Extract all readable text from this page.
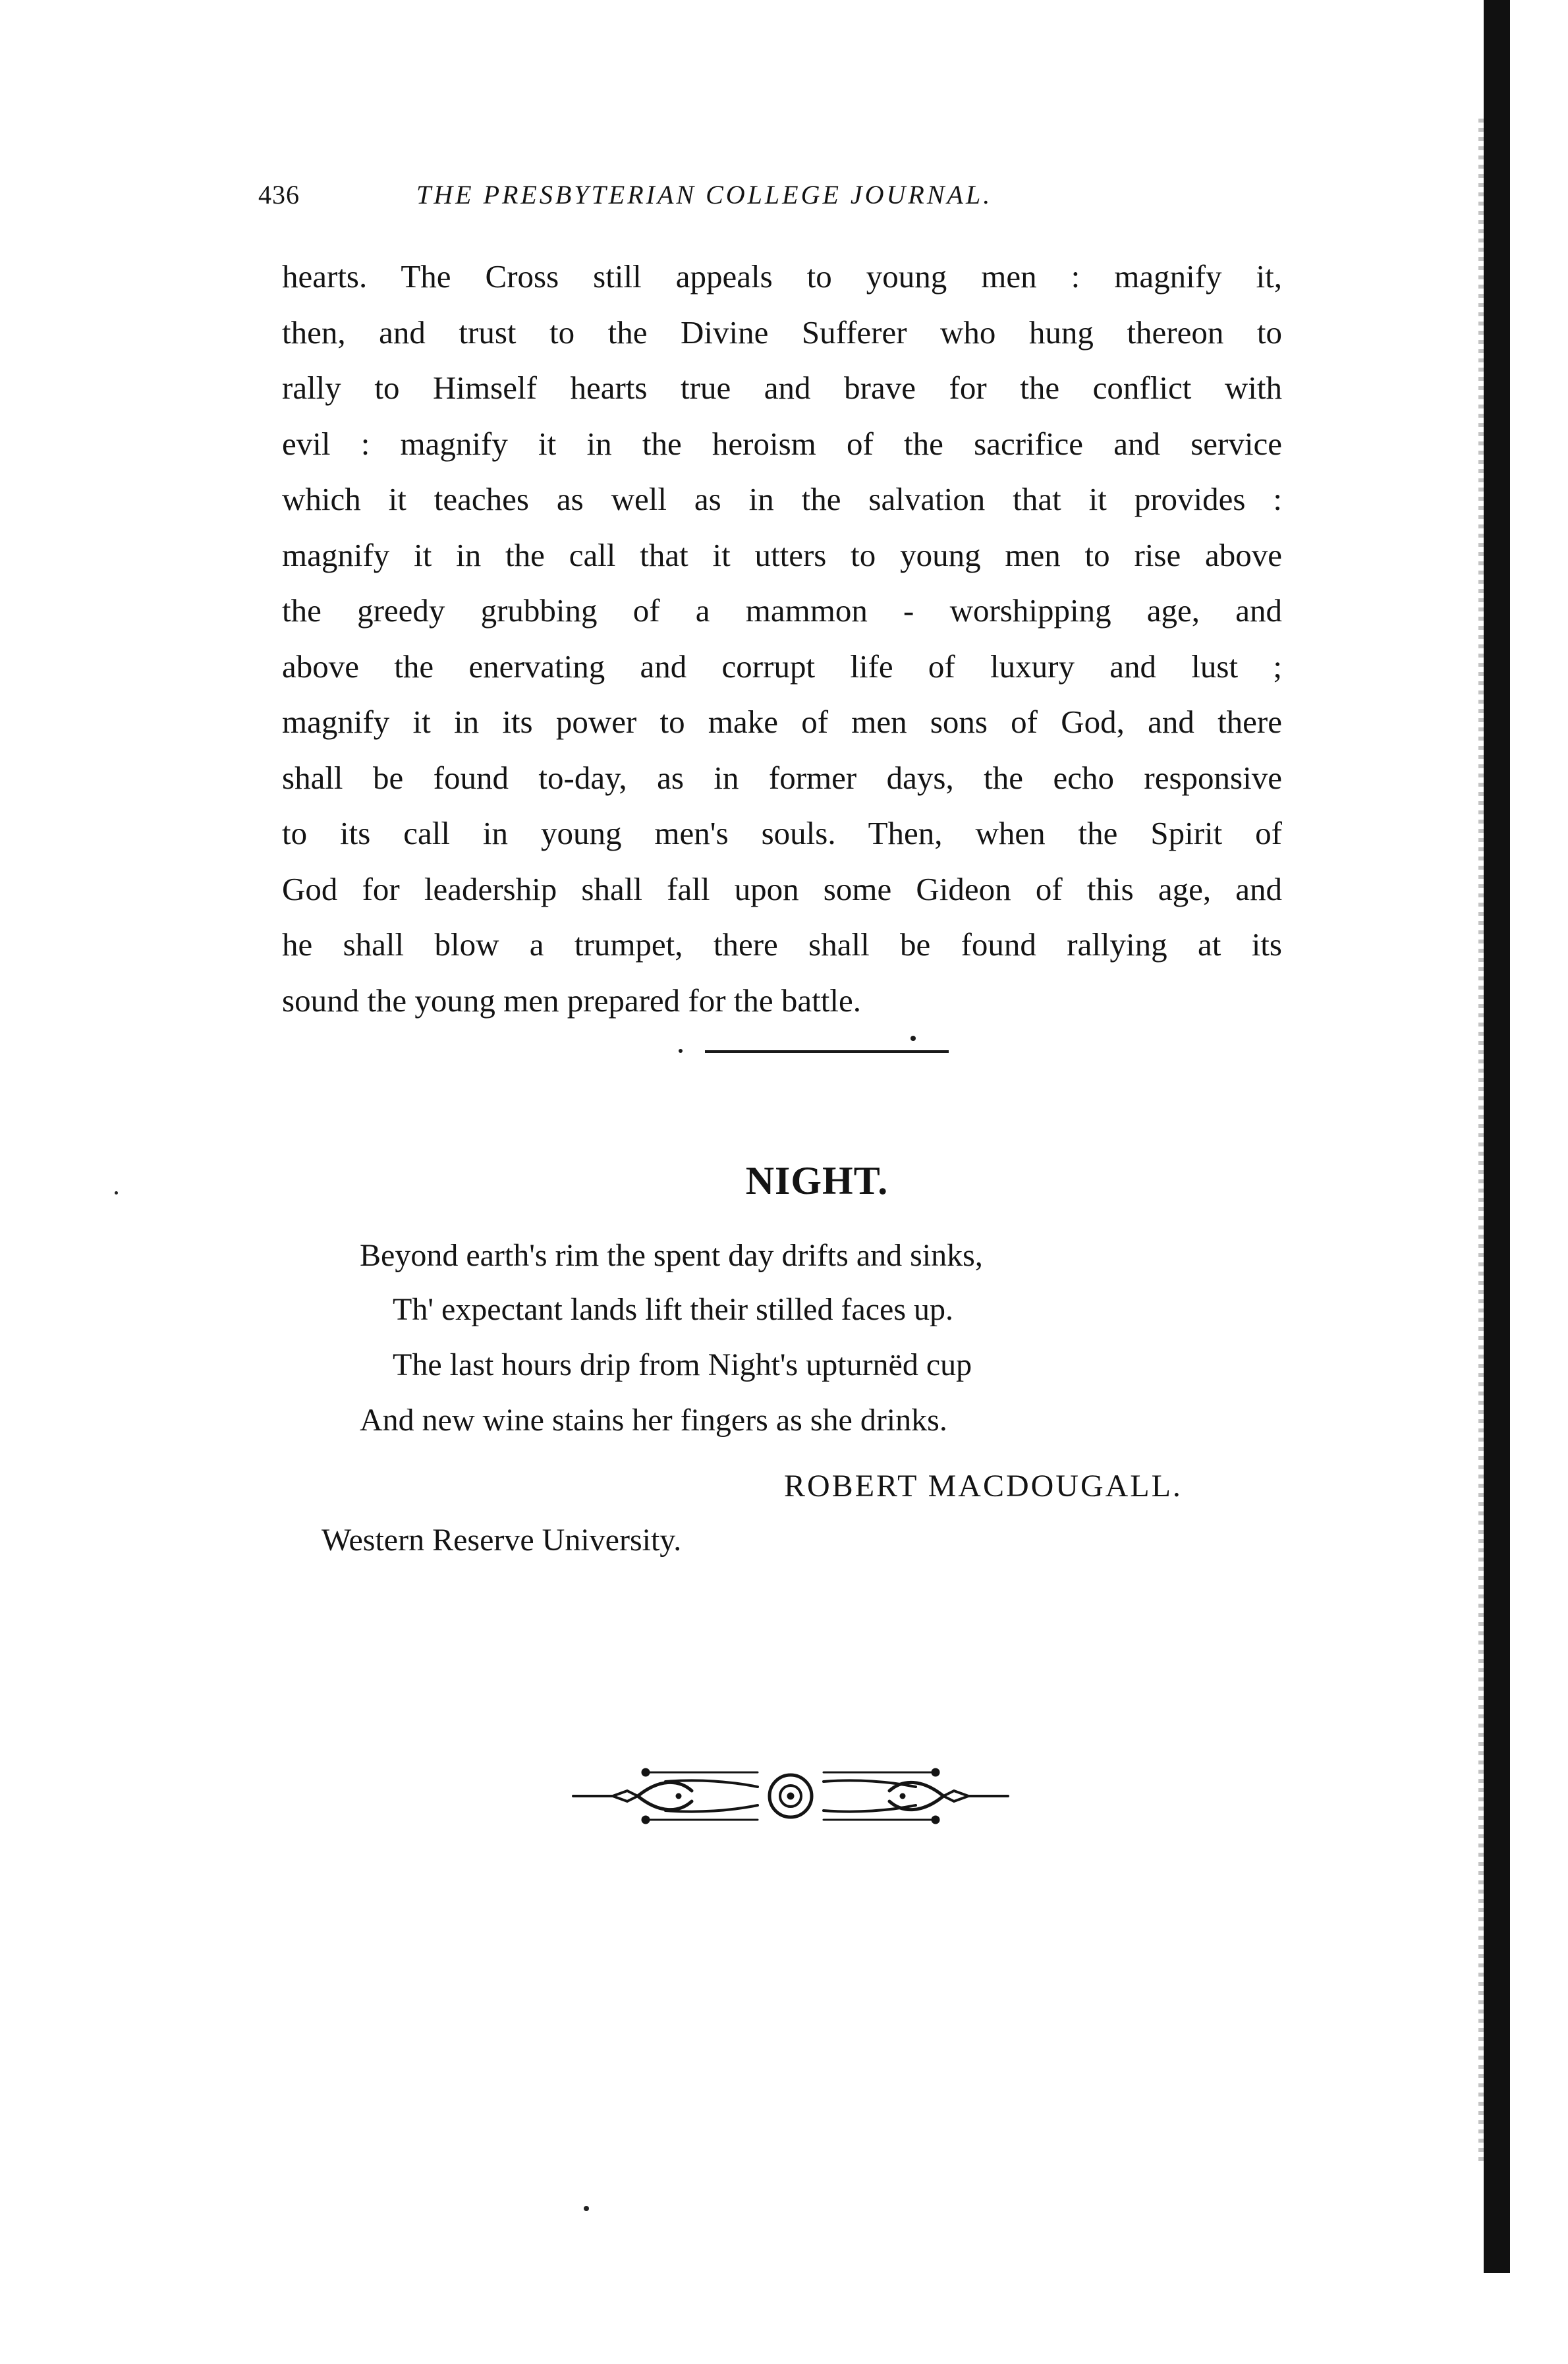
436	THE PRESBYTERIAN COLLEGE JOURNAL.
hearts. The Cross still appeals to young men : magnify it,
then, and trust to the Divine Sufferer who hung thereon to
rally to Himself hearts true and brave for the conflict with
evil : magnify it in the heroism of the sacrifice and service
which it teaches as well as in the salvation that it provides :
magnify it in the call that it utters to young men to rise above
the greedy grubbing of a mammon - worshipping age, and
above the enervating and corrupt life of luxury and lust ;
magnify it in its power to make of men sons of God, and there
shall be found to-day, as in former days, the echo responsive
to its call in young men's souls. Then, when the Spirit of
God for leadership shall fall upon some Gideon of this age, and
he shall blow a trumpet, there shall be found rallying at its
sound the young men prepared for the battle.
NIGHT.
Beyond earth's rim the spent day drifts and sinks,
Th' expectant lands lift their stilled faces up.
The last hours drip from Night's upturnëd cup
And new wine stains her fingers as she drinks.
ROBERT MACDOUGALL.
Western Reserve University.
